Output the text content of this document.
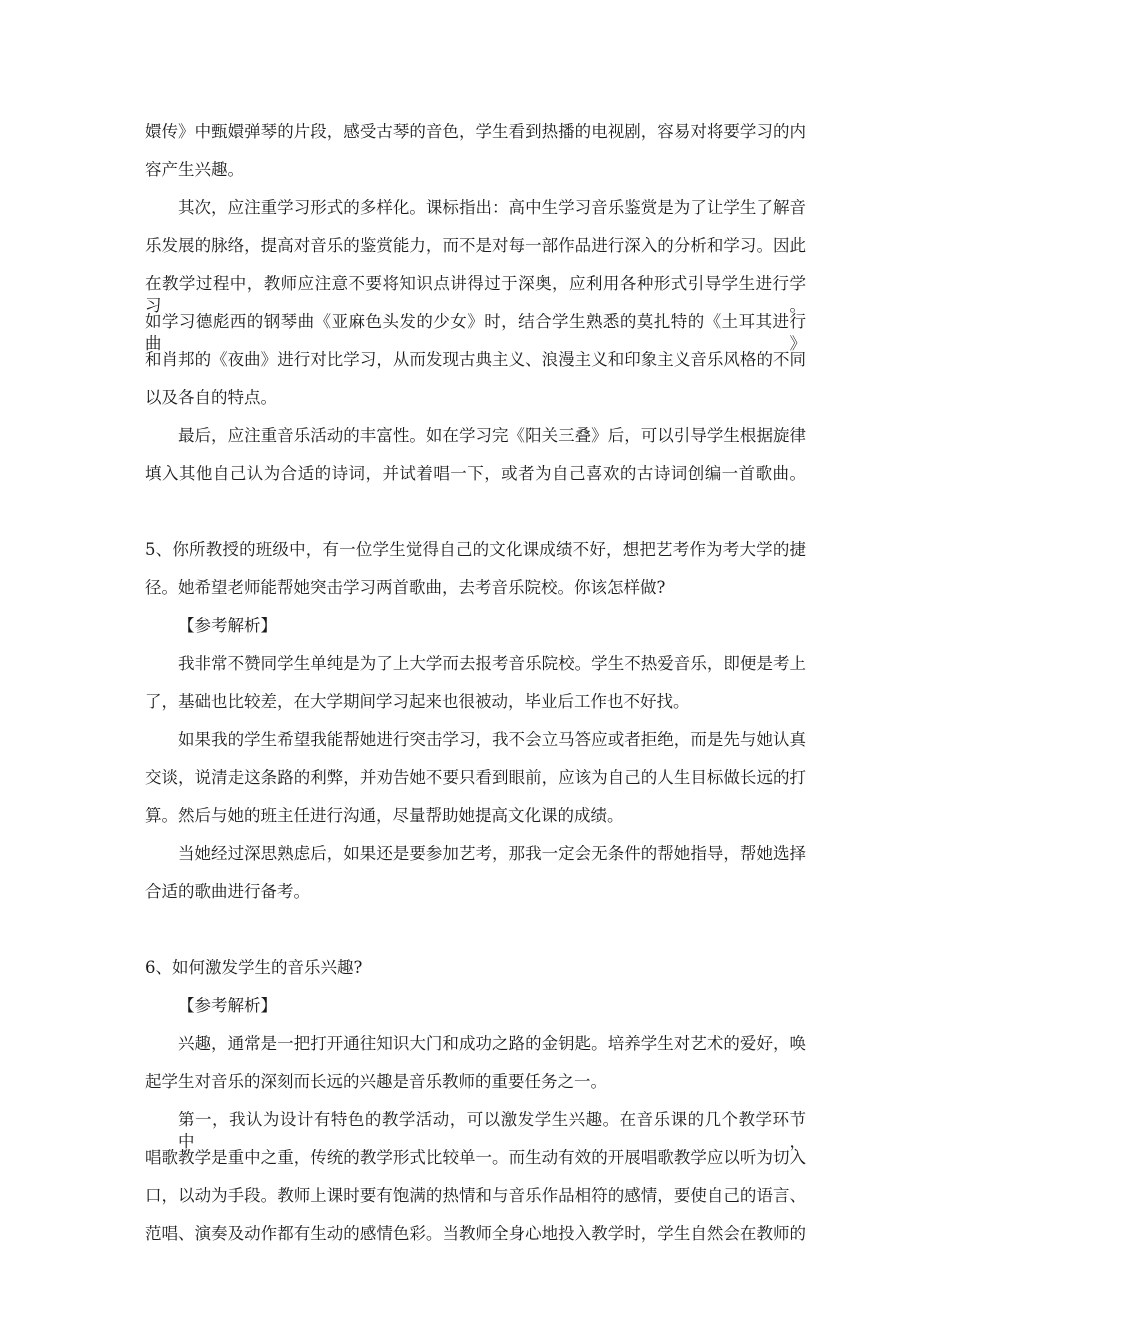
嬛传》中甄嬛弹琴的片段，感受古琴的音色，学生看到热播的电视剧，容易对将要学习的内
容产生兴趣。
其次，应注重学习形式的多样化。课标指出：高中生学习音乐鉴赏是为了让学生了解音
乐发展的脉络，提高对音乐的鉴赏能力，而不是对每一部作品进行深入的分析和学习。因此
在教学过程中，教师应注意不要将知识点讲得过于深奥，应利用各种形式引导学生进行学习。
如学习德彪西的钢琴曲《亚麻色头发的少女》时，结合学生熟悉的莫扎特的《土耳其进行曲》
和肖邦的《夜曲》进行对比学习，从而发现古典主义、浪漫主义和印象主义音乐风格的不同
以及各自的特点。
最后，应注重音乐活动的丰富性。如在学习完《阳关三叠》后，可以引导学生根据旋律
填入其他自己认为合适的诗词，并试着唱一下，或者为自己喜欢的古诗词创编一首歌曲。
5、你所教授的班级中，有一位学生觉得自己的文化课成绩不好，想把艺考作为考大学的捷
径。她希望老师能帮她突击学习两首歌曲，去考音乐院校。你该怎样做?
【参考解析】
我非常不赞同学生单纯是为了上大学而去报考音乐院校。学生不热爱音乐，即便是考上
了，基础也比较差，在大学期间学习起来也很被动，毕业后工作也不好找。
如果我的学生希望我能帮她进行突击学习，我不会立马答应或者拒绝，而是先与她认真
交谈，说清走这条路的利弊，并劝告她不要只看到眼前，应该为自己的人生目标做长远的打
算。然后与她的班主任进行沟通，尽量帮助她提高文化课的成绩。
当她经过深思熟虑后，如果还是要参加艺考，那我一定会无条件的帮她指导，帮她选择
合适的歌曲进行备考。
6、如何激发学生的音乐兴趣?
【参考解析】
兴趣，通常是一把打开通往知识大门和成功之路的金钥匙。培养学生对艺术的爱好，唤
起学生对音乐的深刻而长远的兴趣是音乐教师的重要任务之一。
第一，我认为设计有特色的教学活动，可以激发学生兴趣。在音乐课的几个教学环节中，
唱歌教学是重中之重，传统的教学形式比较单一。而生动有效的开展唱歌教学应以听为切入
口，以动为手段。教师上课时要有饱满的热情和与音乐作品相符的感情，要使自己的语言、
范唱、演奏及动作都有生动的感情色彩。当教师全身心地投入教学时，学生自然会在教师的
